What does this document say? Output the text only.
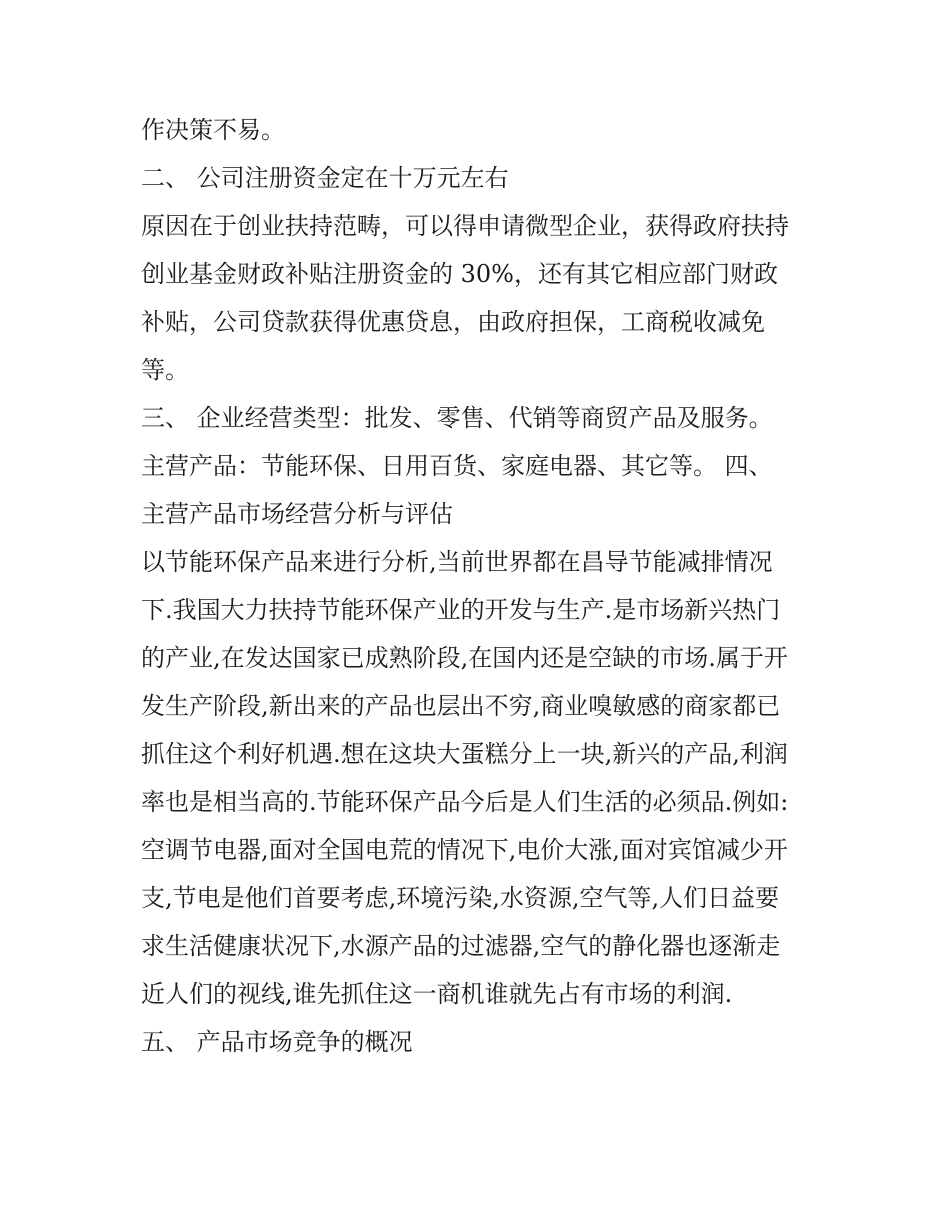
作决策不易。
二、 公司注册资金定在十万元左右
原因在于创业扶持范畴，可以得申请微型企业，获得政府扶持
创业基金财政补贴注册资金的 30%，还有其它相应部门财政
补贴，公司贷款获得优惠贷息，由政府担保，工商税收减免
等。
三、 企业经营类型：批发、零售、代销等商贸产品及服务。
主营产品：节能环保、日用百货、家庭电器、其它等。 四、
主营产品市场经营分析与评估
以节能环保产品来进行分析,当前世界都在昌导节能减排情况
下.我国大力扶持节能环保产业的开发与生产.是市场新兴热门
的产业,在发达国家已成熟阶段,在国内还是空缺的市场.属于开
发生产阶段,新出来的产品也层出不穷,商业嗅敏感的商家都已
抓住这个利好机遇.想在这块大蛋糕分上一块,新兴的产品,利润
率也是相当高的.节能环保产品今后是人们生活的必须品.例如:
空调节电器,面对全国电荒的情况下,电价大涨,面对宾馆减少开
支,节电是他们首要考虑,环境污染,水资源,空气等,人们日益要
求生活健康状况下,水源产品的过滤器,空气的静化器也逐渐走
近人们的视线,谁先抓住这一商机谁就先占有市场的利润.
五、 产品市场竞争的概况
